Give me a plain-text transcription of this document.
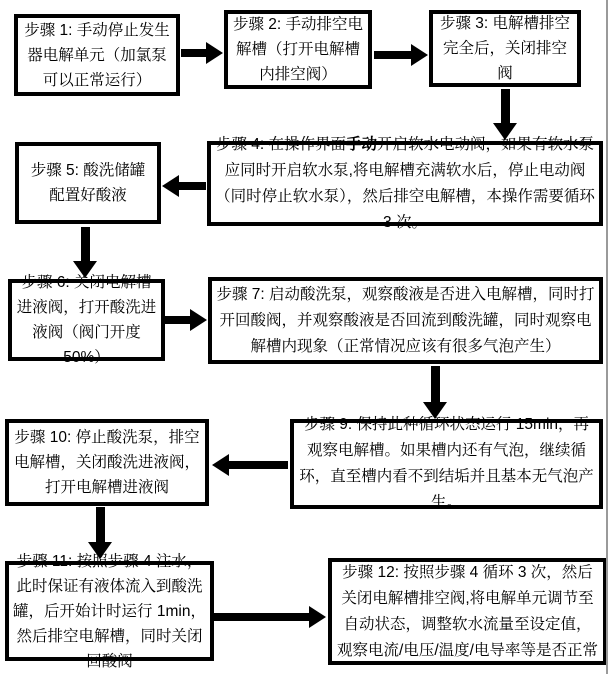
步骤 1: 手动停止发生器电解单元（加氯泵可以正常运行）
步骤 2: 手动排空电解槽（打开电解槽内排空阀）
步骤 3: 电解槽排空完全后，关闭排空阀
步骤 4: 在操作界面手动开启软水电动阀，如果有软水泵应同时开启软水泵,将电解槽充满软水后，停止电动阀（同时停止软水泵），然后排空电解槽，本操作需要循环 3 次。
步骤 5: 酸洗储罐配置好酸液
步骤 6: 关闭电解槽进液阀，打开酸洗进液阀（阀门开度 50%）
步骤 7: 启动酸洗泵，观察酸液是否进入电解槽，同时打开回酸阀，并观察酸液是否回流到酸洗罐，同时观察电解槽内现象（正常情况应该有很多气泡产生）
步骤 9: 保持此种循环状态运行 15min，再观察电解槽。如果槽内还有气泡，继续循环，直至槽内看不到结垢并且基本无气泡产生。
步骤 10: 停止酸洗泵，排空电解槽，关闭酸洗进液阀，打开电解槽进液阀
步骤 11: 按照步骤 4 注水，此时保证有液体流入到酸洗罐，后开始计时运行 1min，然后排空电解槽，同时关闭回酸阀
步骤 12: 按照步骤 4 循环 3 次，然后关闭电解槽排空阀,将电解单元调节至自动状态，调整软水流量至设定值，观察电流/电压/温度/电导率等是否正常
